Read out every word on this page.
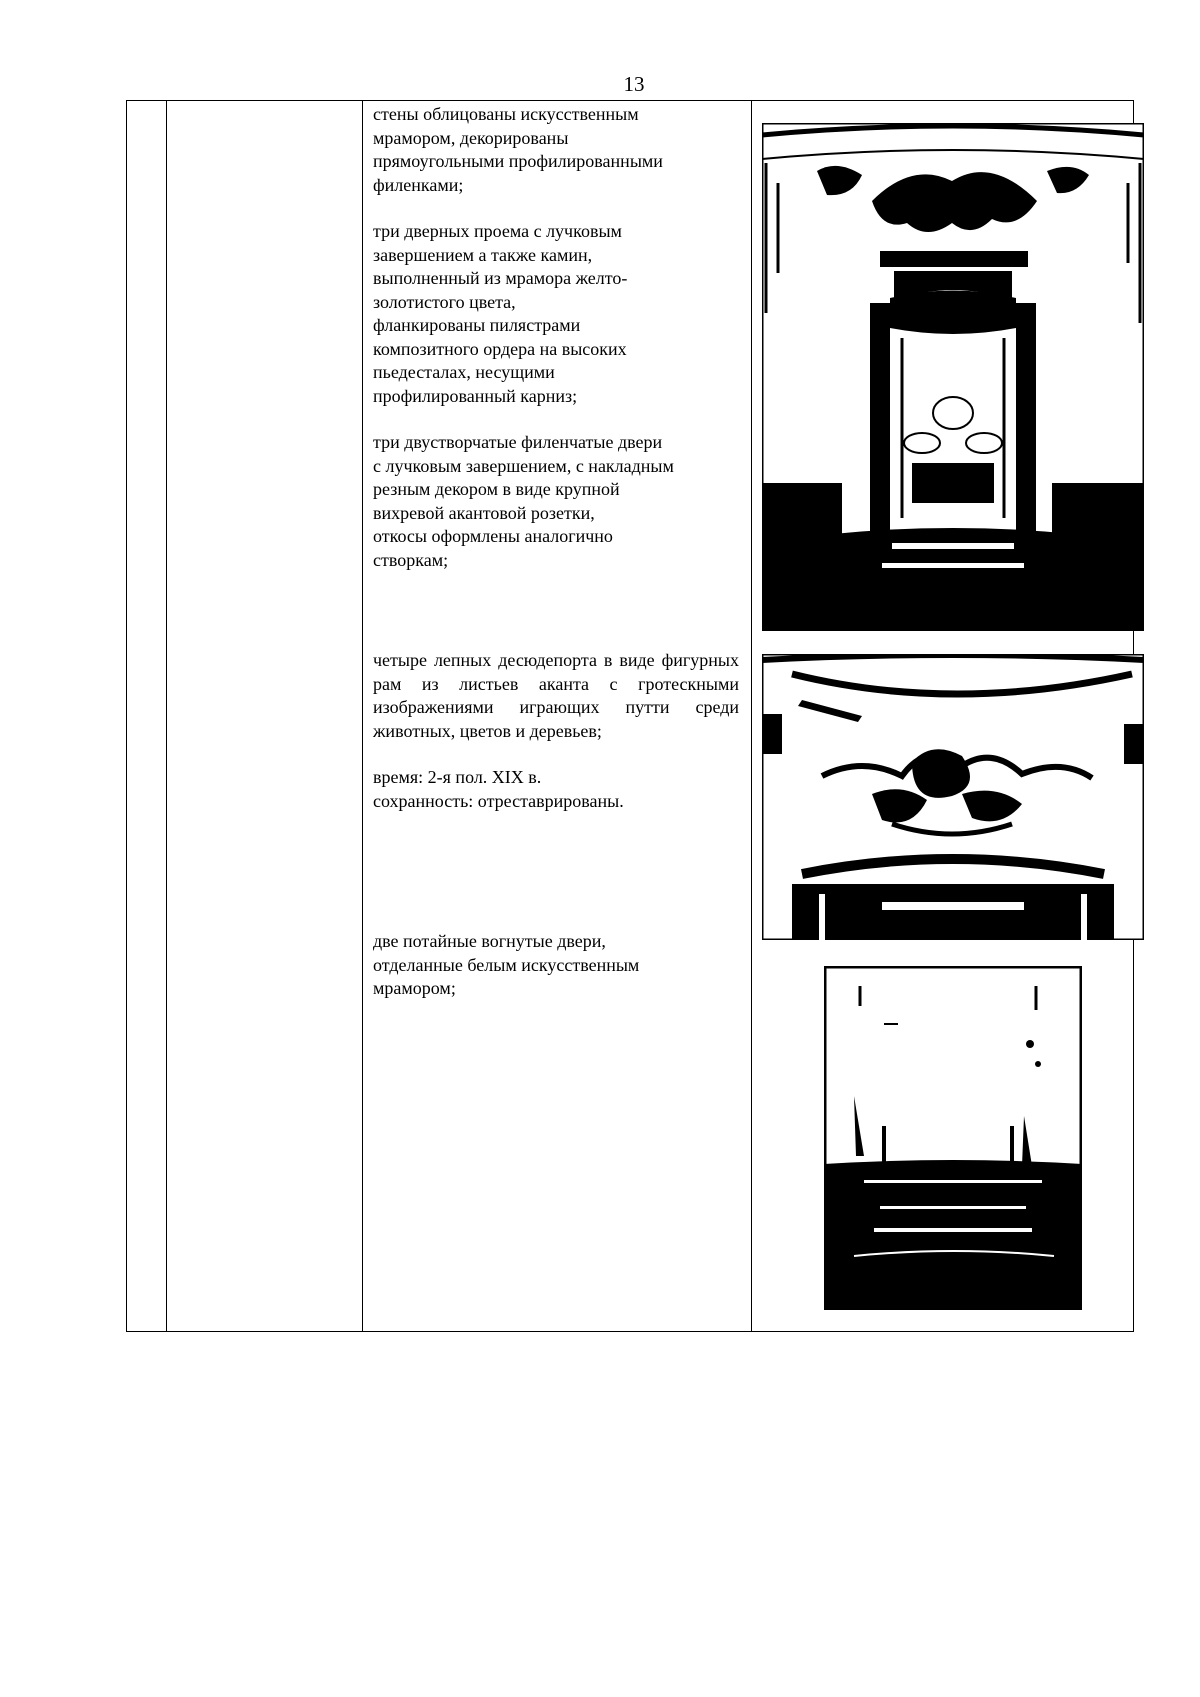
13

стены облицованы искусственным
мрамором, декорированы
прямоугольными профилированными
филенками;

три дверных проема с лучковым
завершением а также камин,
выполненный из мрамора желто-
золотистого цвета,
фланкированы пилястрами
композитного ордера на высоких
пьедесталах, несущими
профилированный карниз;

три двустворчатые филенчатые двери
с лучковым завершением, с накладным
резным декором в виде крупной
вихревой акантовой розетки,
откосы оформлены аналогично
створкам;

четыре лепных десюдепорта в виде фигурных рам из листьев аканта с гротескными изображениями играющих путти среди животных, цветов и деревьев;

время: 2-я пол. XIX в.
сохранность: отреставрированы.

две потайные вогнутые двери,
отделанные белым искусственным
мрамором;
